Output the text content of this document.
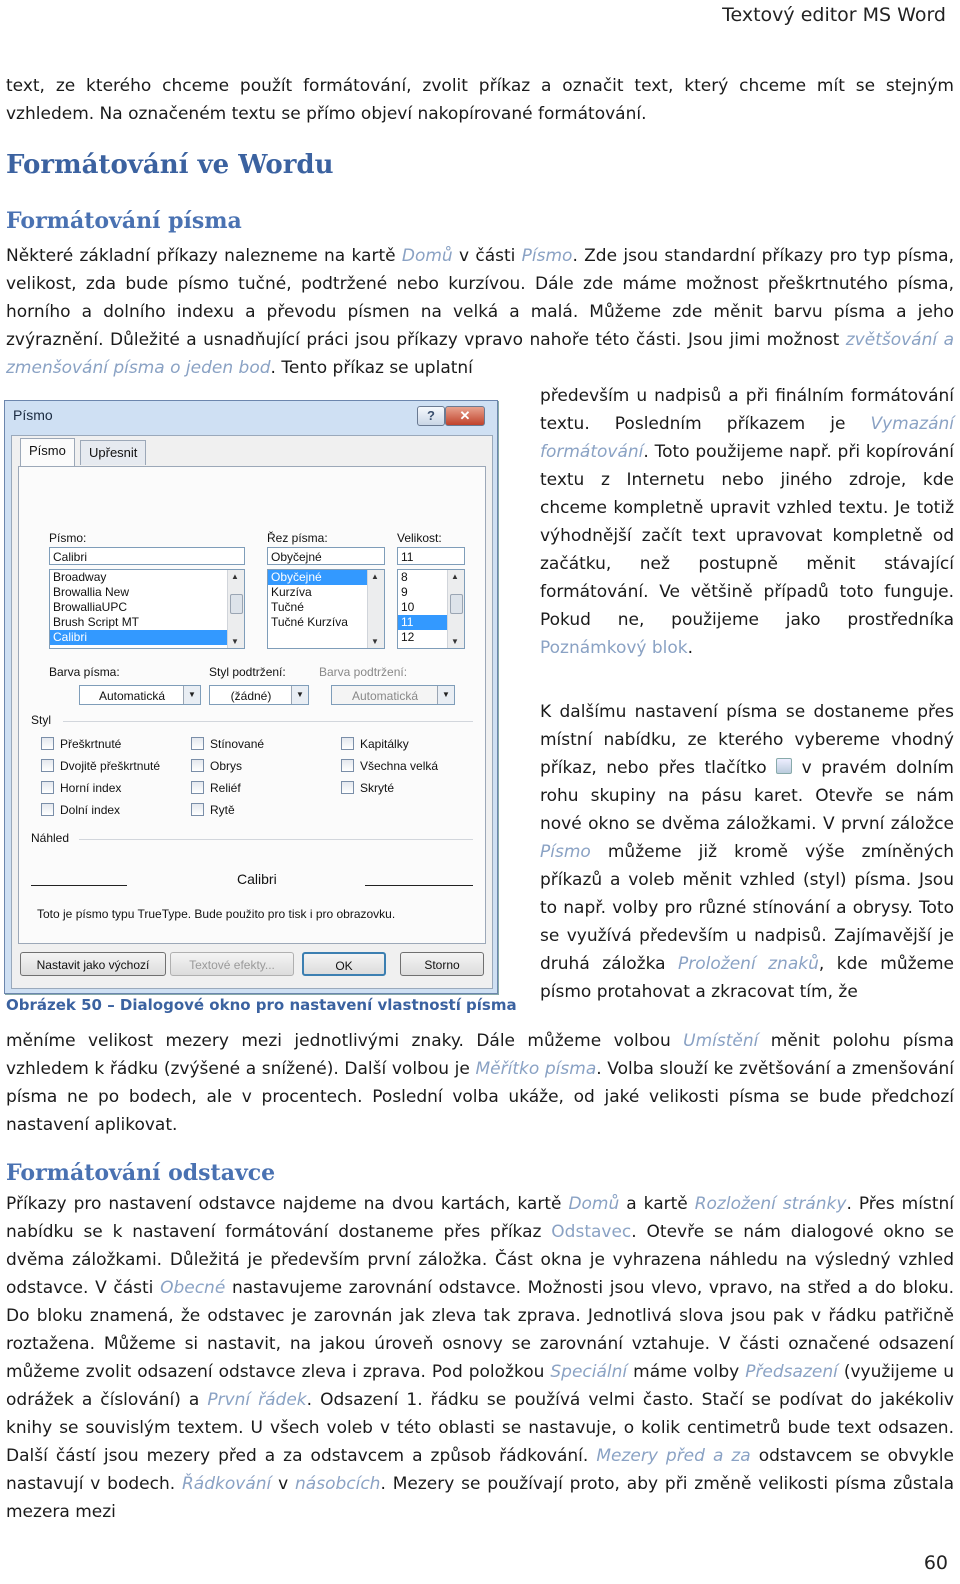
Textový editor MS Word

text, ze kterého chceme použít formátování, zvolit příkaz a označit text, který chceme mít se stejným vzhledem. Na označeném textu se přímo objeví nakopírované formátování.

Formátování ve Wordu
Formátování písma

Některé základní příkazy nalezneme na kartě Domů v části Písmo. Zde jsou standardní příkazy pro typ písma, velikost, zda bude písmo tučné, podtržené nebo kurzívou. Dále zde máme možnost přeškrtnutého písma, horního a dolního indexu a převodu písmen na velká a malá. Můžeme zde měnit barvu písma a jeho zvýraznění. Důležité a usnadňující práci jsou příkazy vpravo nahoře této části. Jsou jimi možnost zvětšování a zmenšování písma o jeden bod. Tento příkaz se uplatní

především u nadpisů a při finálním formátování textu. Posledním příkazem je Vymazání formátování. Toto použijeme např. při kopírování textu z Internetu nebo jiného zdroje, kde chceme kompletně upravit vzhled textu. Je totiž výhodnější začít text upravovat kompletně od začátku, než postupně měnit stávající formátování. Ve většině případů toto funguje. Pokud ne, použijeme jako prostředníka Poznámkový blok.

K dalšímu nastavení písma se dostaneme přes místní nabídku, ze kterého vybereme vhodný příkaz, nebo přes tlačítko  v pravém dolním rohu skupiny na pásu karet. Otevře se nám nové okno se dvěma záložkami. V první záložce Písmo můžeme již kromě výše zmíněných příkazů a voleb měnit vzhled (styl) písma. Jsou to např. volby pro různé stínování a obrysy. Toto se využívá především u nadpisů. Zajímavější je druhá záložka Proložení znaků, kde můžeme písmo protahovat a zkracovat tím, že

měníme velikost mezery mezi jednotlivými znaky. Dále můžeme volbou Umístění měnit polohu písma vzhledem k řádku (zvýšené a snížené). Další volbou je Měřítko písma. Volba slouží ke zvětšování a zmenšování písma ne po bodech, ale v procentech. Poslední volba ukáže, od jaké velikosti písma se bude předchozí nastavení aplikovat.

Písmo	?	✕
Písmo	Upřesnit
Písmo:
Calibri
Broadway
Browallia New
BrowalliaUPC
Brush Script MT
Calibri
▲
▼
Řez písma:
Obyčejné
Obyčejné
Kurzíva
Tučné
Tučné Kurzíva
▲
▼
Velikost:
11
8
9
10
11
12
▲
▼
Barva písma:
Automatická	▼
Styl podtržení:
(žádné)	▼
Barva podtržení:
Automatická	▼
Styl
Přeškrtnuté
Dvojitě přeškrtnuté
Horní index
Dolní index
Stínované
Obrys
Reliéf
Rytě
Kapitálky
Všechna velká
Skryté
Náhled
Calibri
Toto je písmo typu TrueType. Bude použito pro tisk i pro obrazovku.
Nastavit jako výchozí	Textové efekty...	OK	Storno
Obrázek 50 – Dialogové okno pro nastavení vlastností písma
Formátování odstavce

Příkazy pro nastavení odstavce najdeme na dvou kartách, kartě Domů a kartě Rozložení stránky. Přes místní nabídku se k nastavení formátování dostaneme přes příkaz Odstavec. Otevře se nám dialogové okno se dvěma záložkami. Důležitá je především první záložka. Část okna je vyhrazena náhledu na výsledný vzhled odstavce. V části Obecné nastavujeme zarovnání odstavce. Možnosti jsou vlevo, vpravo, na střed a do bloku. Do bloku znamená, že odstavec je zarovnán jak zleva tak zprava. Jednotlivá slova jsou pak v řádku patřičně roztažena. Můžeme si nastavit, na jakou úroveň osnovy se zarovnání vztahuje. V části označené odsazení můžeme zvolit odsazení odstavce zleva i zprava. Pod položkou Speciální máme volby Předsazení (využijeme u odrážek a číslování) a První řádek. Odsazení 1. řádku se používá velmi často. Stačí se podívat do jakékoliv knihy se souvislým textem. U všech voleb v této oblasti se nastavuje, o kolik centimetrů bude text odsazen. Další částí jsou mezery před a za odstavcem a způsob řádkování. Mezery před a za odstavcem se obvykle nastavují v bodech. Řádkování v násobcích. Mezery se používají proto, aby při změně velikosti písma zůstala mezera mezi

60
